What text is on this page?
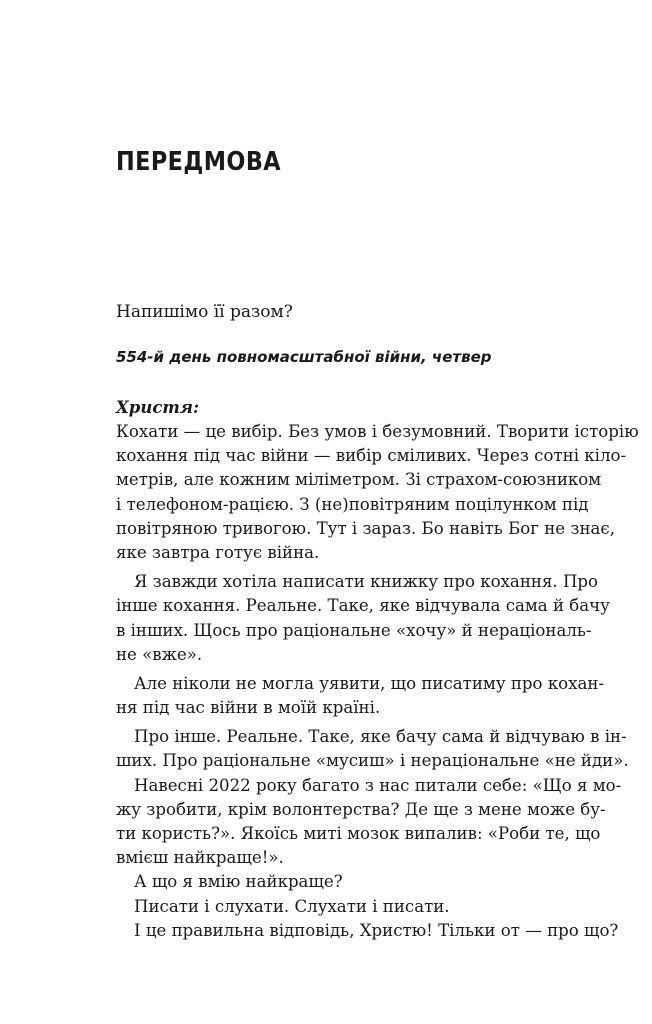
ПЕРЕДМОВА

Напишімо її разом?

554-й день повномасштабної війни, четвер

Христя:

Кохати — це вибір. Без умов і безумовний. Творити історію
кохання під час війни — вибір сміливих. Через сотні кіло-
метрів, але кожним міліметром. Зі страхом-союзником
і телефоном-рацією. З (не)повітряним поцілунком під
повітряною тривогою. Тут і зараз. Бо навіть Бог не знає,
яке завтра готує війна.
Я завжди хотіла написати книжку про кохання. Про
інше кохання. Реальне. Таке, яке відчувала сама й бачу
в інших. Щось про раціональне «хочу» й нераціональ-
не «вже».
Але ніколи не могла уявити, що писатиму про кохан-
ня під час війни в моїй країні.
Про інше. Реальне. Таке, яке бачу сама й відчуваю в ін-
ших. Про раціональне «мусиш» і нераціональне «не йди».
Навесні 2022 року багато з нас питали себе: «Що я мо-
жу зробити, крім волонтерства? Де ще з мене може бу-
ти користь?». Якоїсь миті мозок випалив: «Роби те, що
вмієш найкраще!».
А що я вмію найкраще?
Писати і слухати. Слухати і писати.
І це правильна відповідь, Христю! Тільки от — про що?
